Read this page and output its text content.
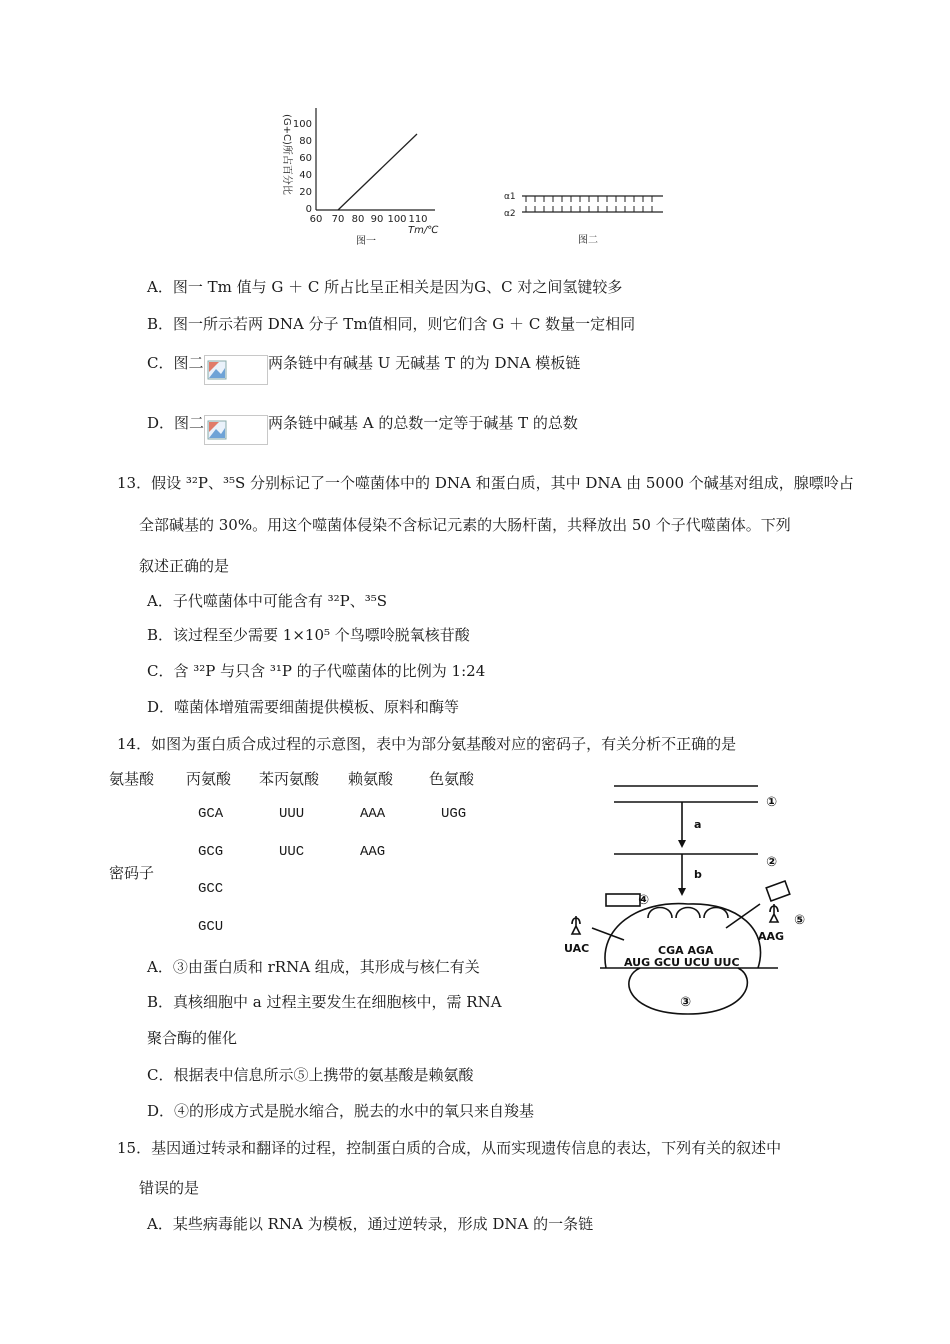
100
80
60
40
20
0
60 70 80 90 100 110
(G+C)所占百分比
Tm/℃
图一
α1
α2
图二
A．图一 Tm 值与 G ＋ C 所占比呈正相关是因为G、C 对之间氢键较多
B．图一所示若两 DNA 分子 Tm值相同，则它们含 G ＋ C 数量一定相同
C．图二	两条链中有碱基 U 无碱基 T 的为 DNA 模板链
D．图二	两条链中碱基 A 的总数一定等于碱基 T 的总数
13．假设 ³²P、³⁵S 分别标记了一个噬菌体中的 DNA 和蛋白质，其中 DNA 由 5000 个碱基对组成，腺嘌呤占
全部碱基的 30%。用这个噬菌体侵染不含标记元素的大肠杆菌，共释放出 50 个子代噬菌体。下列
叙述正确的是
A．子代噬菌体中可能含有 ³²P、³⁵S
B．该过程至少需要 1×10⁵ 个鸟嘌呤脱氧核苷酸
C．含 ³²P 与只含 ³¹P 的子代噬菌体的比例为 1:24
D．噬菌体增殖需要细菌提供模板、原料和酶等
14．如图为蛋白质合成过程的示意图，表中为部分氨基酸对应的密码子，有关分析不正确的是
氨基酸 丙氨酸 苯丙氨酸 赖氨酸 色氨酸
密码子
GCA	UUU	AAA	UGG
GCG	UUC	AAG
GCC
GCU
①
②
③
④
⑤
a
b
UAC
AAG
CGA AGA
AUG GCU UCU UUC
A．③由蛋白质和 rRNA 组成，其形成与核仁有关
B．真核细胞中 a 过程主要发生在细胞核中，需 RNA
聚合酶的催化
C．根据表中信息所示⑤上携带的氨基酸是赖氨酸
D．④的形成方式是脱水缩合，脱去的水中的氧只来自羧基
15．基因通过转录和翻译的过程，控制蛋白质的合成，从而实现遗传信息的表达，下列有关的叙述中
错误的是
A．某些病毒能以 RNA 为模板，通过逆转录，形成 DNA 的一条链
